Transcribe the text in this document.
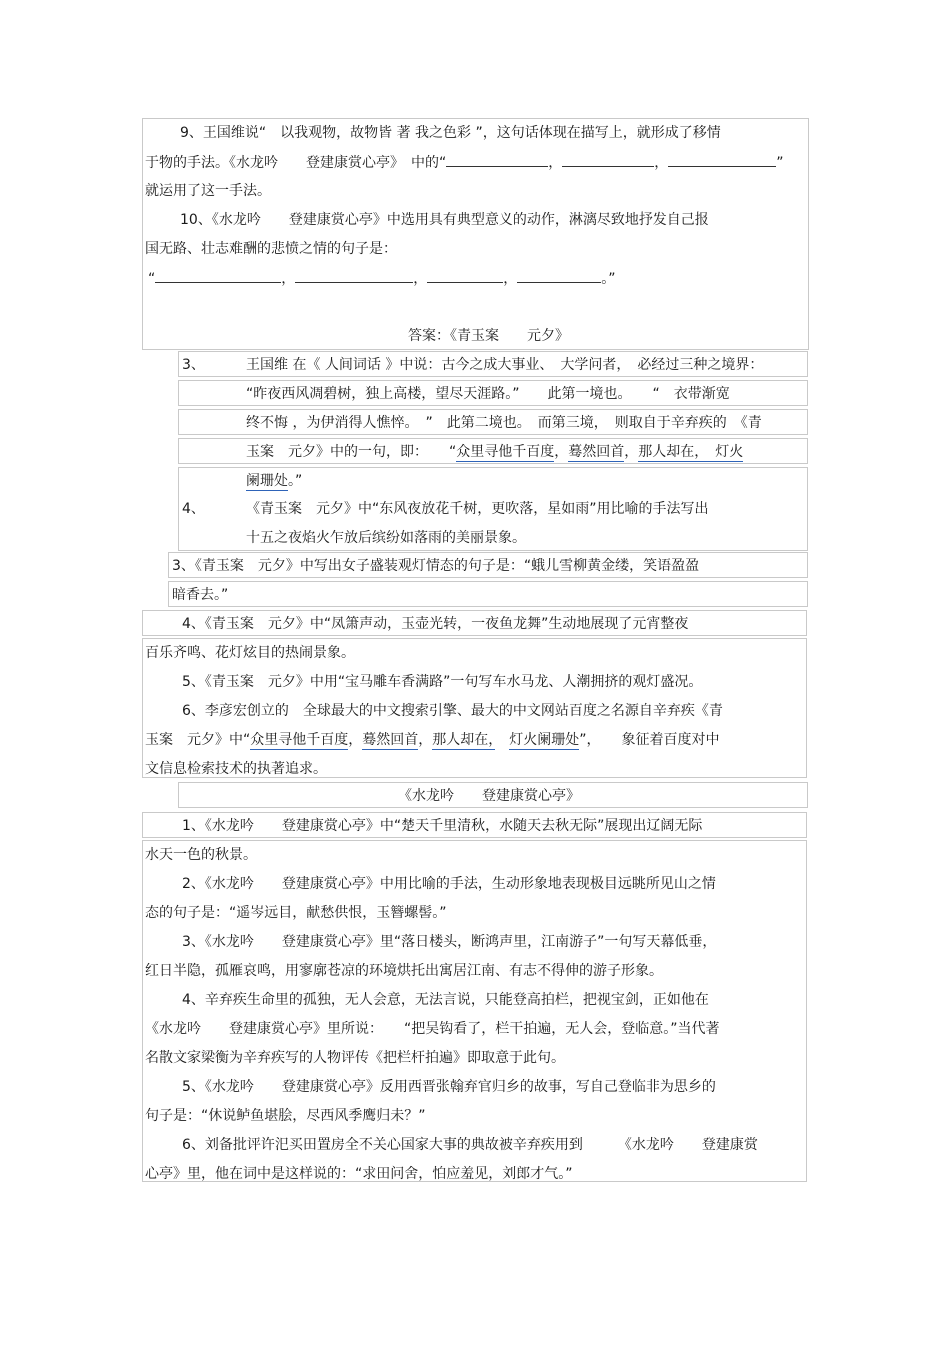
9、王国维说“　以我观物，故物皆 著 我之色彩 ”，这句话体现在描写上，就形成了移情
于物的手法。《水龙吟　　登建康赏心亭》　中的“	，	，	”
就运用了这一手法。
10、《水龙吟　　登建康赏心亭》中选用具有典型意义的动作，淋漓尽致地抒发自己报
国无路、壮志难酬的悲愤之情的句子是：
“	，	，	，	。”
答案：《青玉案　　元夕》
3、	王国维 在《 人间词话 》中说：古今之成大事业、　大学问者，　必经过三种之境界：
“昨夜西风凋碧树，独上高楼，望尽天涯路。”　　此第一境也。　　“　衣带渐宽
终不悔 ，为伊消得人憔悴。　”　此第二境也。　而第三境，　则取自于辛弃疾的　《青
玉案　元夕》中的一句，即：　　“众里寻他千百度，蓦然回首，那人却在，　灯火
阑珊处。”
4、	《青玉案　元夕》中“东风夜放花千树，更吹落，星如雨”用比喻的手法写出
十五之夜焰火乍放后缤纷如落雨的美丽景象。
3、《青玉案　元夕》中写出女子盛装观灯情态的句子是：“蛾儿雪柳黄金缕，笑语盈盈
暗香去。”
4、《青玉案　元夕》中“凤箫声动，玉壶光转，一夜鱼龙舞”生动地展现了元宵整夜
百乐齐鸣、花灯炫目的热闹景象。
5、《青玉案　元夕》中用“宝马雕车香满路”一句写车水马龙、人潮拥挤的观灯盛况。
6、李彦宏创立的　全球最大的中文搜索引擎、最大的中文网站百度之名源自辛弃疾《青
玉案　元夕》中“众里寻他千百度，蓦然回首，那人却在，　 灯火阑珊处”，　　象征着百度对中
文信息检索技术的执著追求。
《水龙吟　　登建康赏心亭》
1、《水龙吟　　登建康赏心亭》中“楚天千里清秋，水随天去秋无际”展现出辽阔无际
水天一色的秋景。
2、《水龙吟　　登建康赏心亭》中用比喻的手法，生动形象地表现极目远眺所见山之情
态的句子是：“遥岑远目，献愁供恨，玉簪螺髻。”
3、《水龙吟　　登建康赏心亭》里“落日楼头，断鸿声里，江南游子”一句写天幕低垂，
红日半隐，孤雁哀鸣，用寥廓苍凉的环境烘托出寓居江南、有志不得伸的游子形象。
4、辛弃疾生命里的孤独，无人会意，无法言说，只能登高拍栏，把视宝剑，正如他在
《水龙吟　　登建康赏心亭》里所说：　　“把吴钩看了，栏干拍遍，无人会，登临意。”当代著
名散文家梁衡为辛弃疾写的人物评传《把栏杆拍遍》即取意于此句。
5、《水龙吟　　登建康赏心亭》反用西晋张翰弃官归乡的故事，写自己登临非为思乡的
句子是：“休说鲈鱼堪脍，尽西风季鹰归未？”
6、刘备批评许汜买田置房全不关心国家大事的典故被辛弃疾用到　　　《水龙吟　　登建康赏
心亭》里，他在词中是这样说的：“求田问舍，怕应羞见，刘郎才气。”
